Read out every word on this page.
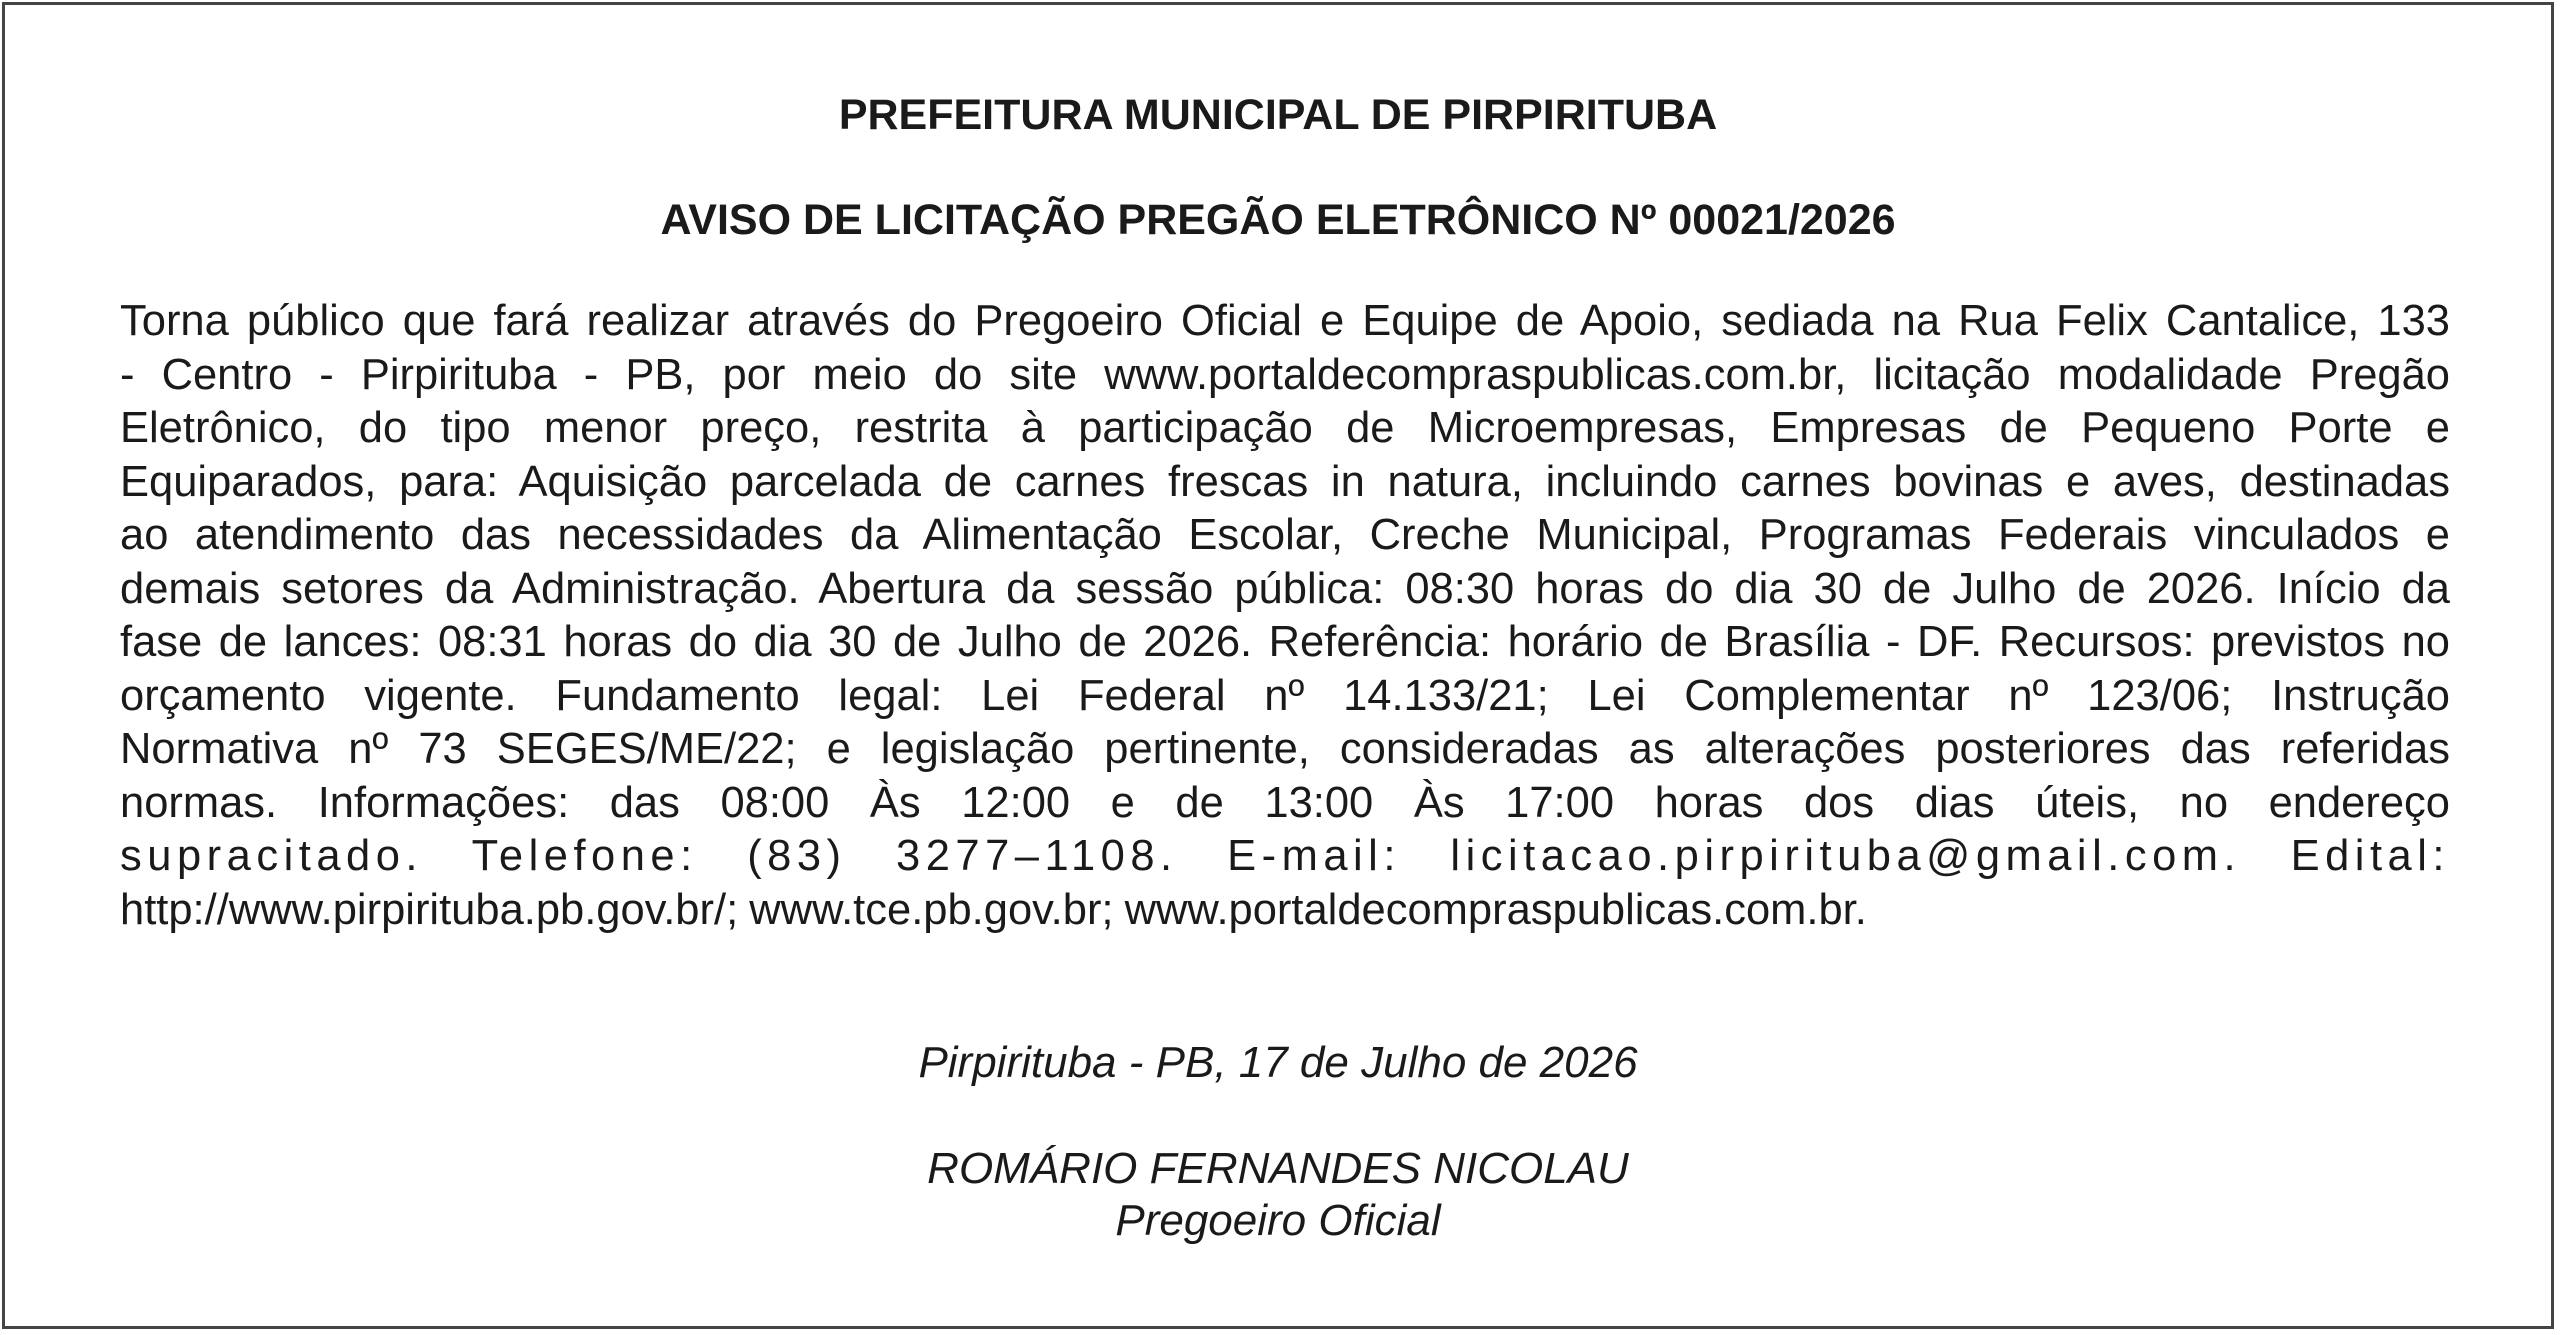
PREFEITURA MUNICIPAL DE PIRPIRITUBA
AVISO DE LICITAÇÃO PREGÃO ELETRÔNICO Nº 00021/2026
Torna público que fará realizar através do Pregoeiro Oficial e Equipe de Apoio, sediada na Rua Felix Cantalice, 133
- Centro - Pirpirituba - PB, por meio do site www.portaldecompraspublicas.com.br, licitação modalidade Pregão
Eletrônico, do tipo menor preço, restrita à participação de Microempresas, Empresas de Pequeno Porte e
Equiparados, para: Aquisição parcelada de carnes frescas in natura, incluindo carnes bovinas e aves, destinadas
ao atendimento das necessidades da Alimentação Escolar, Creche Municipal, Programas Federais vinculados e
demais setores da Administração. Abertura da sessão pública: 08:30 horas do dia 30 de Julho de 2026. Início da
fase de lances: 08:31 horas do dia 30 de Julho de 2026. Referência: horário de Brasília - DF. Recursos: previstos no
orçamento vigente. Fundamento legal: Lei Federal nº 14.133/21; Lei Complementar nº 123/06; Instrução
Normativa nº 73 SEGES/ME/22; e legislação pertinente, consideradas as alterações posteriores das referidas
normas. Informações: das 08:00 Às 12:00 e de 13:00 Às 17:00 horas dos dias úteis, no endereço
supracitado. Telefone: (83) 3277–1108. E-mail: licitacao.pirpirituba@gmail.com. Edital:
http://www.pirpirituba.pb.gov.br/; www.tce.pb.gov.br; www.portaldecompraspublicas.com.br.
Pirpirituba - PB, 17 de Julho de 2026
ROMÁRIO FERNANDES NICOLAU
Pregoeiro Oficial
